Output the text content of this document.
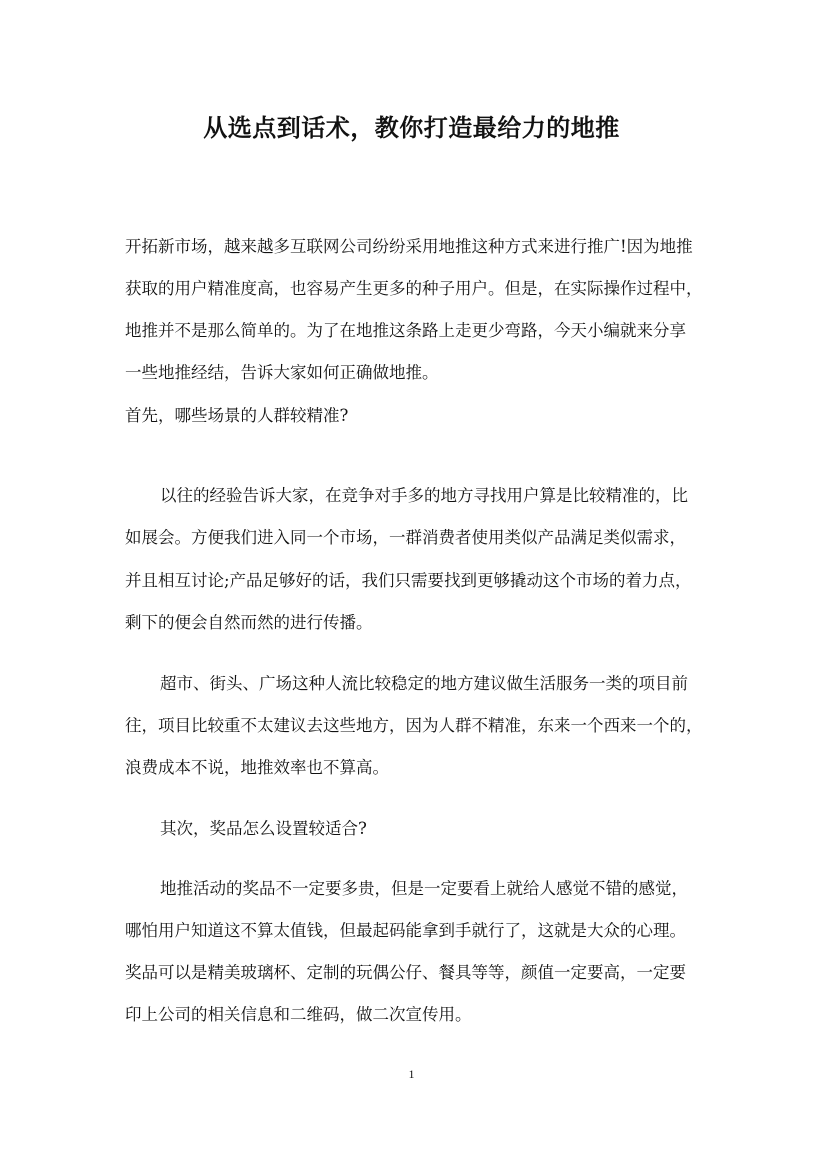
从选点到话术，教你打造最给力的地推
开拓新市场，越来越多互联网公司纷纷采用地推这种方式来进行推广!因为地推
获取的用户精准度高，也容易产生更多的种子用户。但是，在实际操作过程中，
地推并不是那么简单的。为了在地推这条路上走更少弯路，今天小编就来分享
一些地推经结，告诉大家如何正确做地推。
首先，哪些场景的人群较精准?
以往的经验告诉大家，在竞争对手多的地方寻找用户算是比较精准的，比
如展会。方便我们进入同一个市场，一群消费者使用类似产品满足类似需求，
并且相互讨论;产品足够好的话，我们只需要找到更够撬动这个市场的着力点，
剩下的便会自然而然的进行传播。
超市、街头、广场这种人流比较稳定的地方建议做生活服务一类的项目前
往，项目比较重不太建议去这些地方，因为人群不精准，东来一个西来一个的，
浪费成本不说，地推效率也不算高。
其次，奖品怎么设置较适合?
地推活动的奖品不一定要多贵，但是一定要看上就给人感觉不错的感觉，
哪怕用户知道这不算太值钱，但最起码能拿到手就行了，这就是大众的心理。
奖品可以是精美玻璃杯、定制的玩偶公仔、餐具等等，颜值一定要高，一定要
印上公司的相关信息和二维码，做二次宣传用。
1
